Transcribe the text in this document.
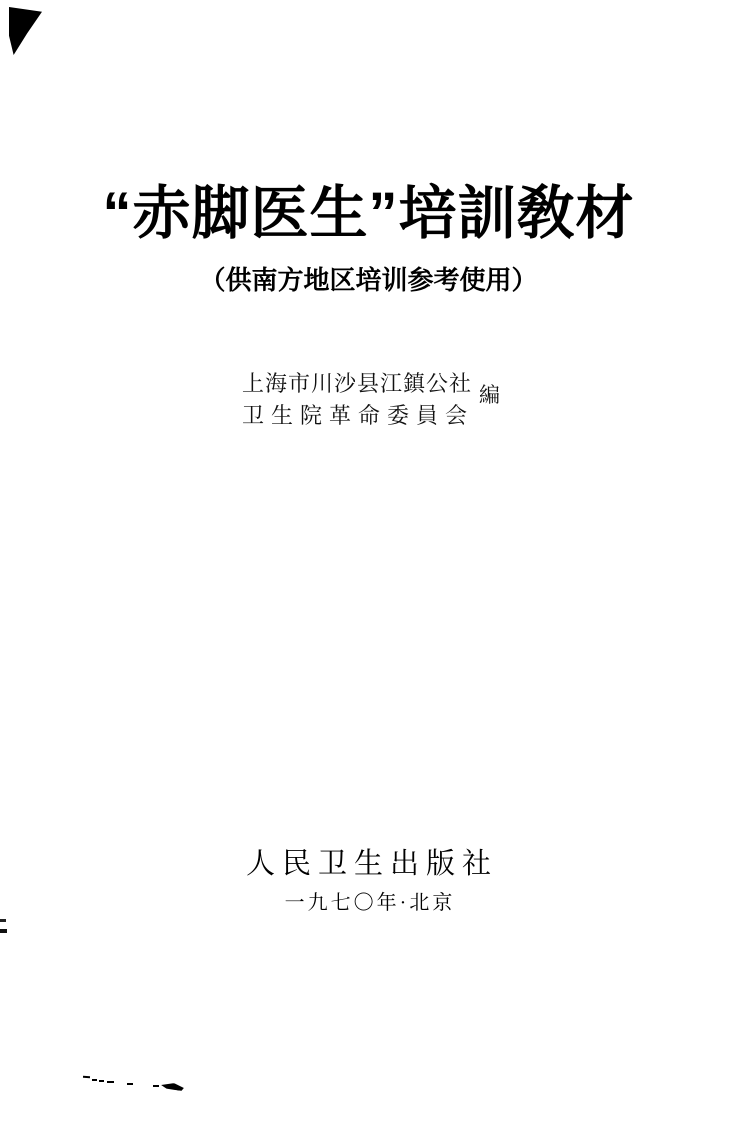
“赤脚医生”培訓敎材
（供南方地区培训参考使用）
上海市川沙县江鎮公社
卫生院革命委員会
編
人民卫生出版社
一九七〇年·北京
